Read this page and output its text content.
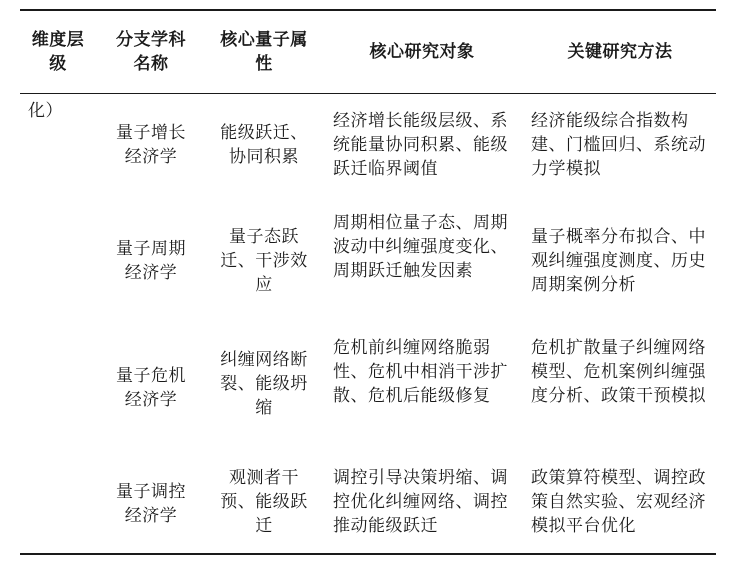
维度层级
分支学科名称
核心量子属性
核心研究对象	关键研究方法
化）
量子增长经济学
能级跃迁、协同积累
经济增长能级层级、系统能量协同积累、能级跃迁临界阈值
经济能级综合指数构建、门槛回归、系统动力学模拟
量子周期经济学
量子态跃迁、干涉效应
周期相位量子态、周期波动中纠缠强度变化、周期跃迁触发因素
量子概率分布拟合、中观纠缠强度测度、历史周期案例分析
量子危机经济学
纠缠网络断裂、能级坍缩
危机前纠缠网络脆弱性、危机中相消干涉扩散、危机后能级修复
危机扩散量子纠缠网络模型、危机案例纠缠强度分析、政策干预模拟
量子调控经济学
观测者干预、能级跃迁
调控引导决策坍缩、调控优化纠缠网络、调控推动能级跃迁
政策算符模型、调控政策自然实验、宏观经济模拟平台优化
